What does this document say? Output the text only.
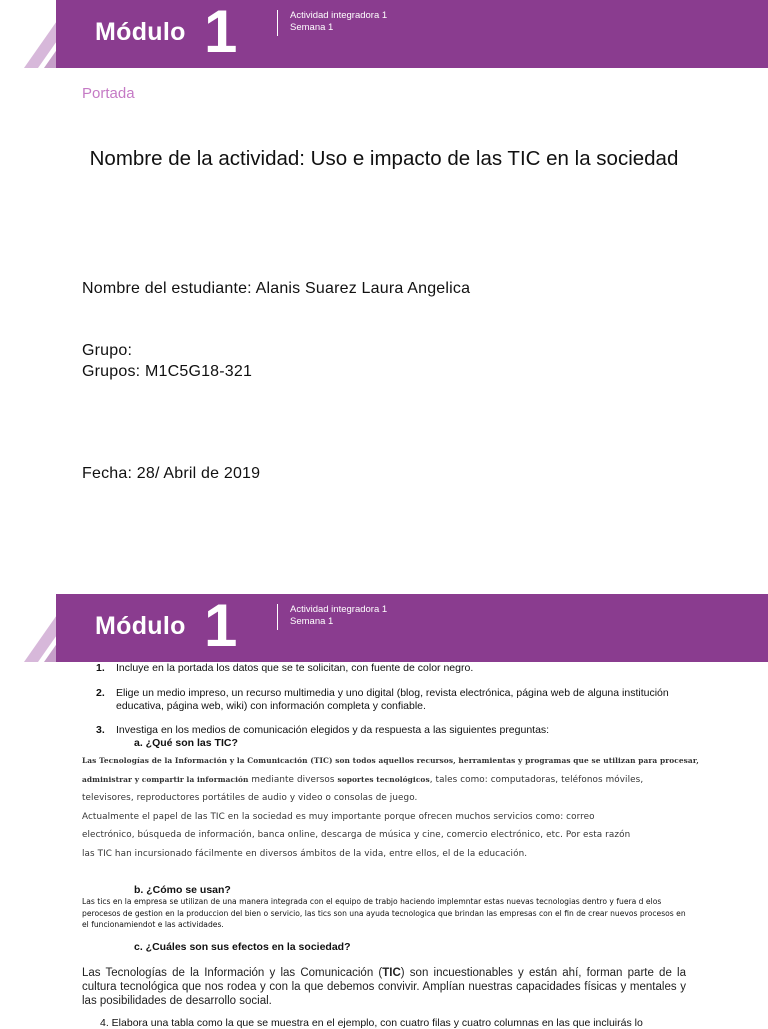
Módulo 1	Actividad integradora 1
Semana 1
Portada
Nombre de la actividad: Uso e impacto de las TIC en la sociedad
Nombre del estudiante: Alanis Suarez Laura Angelica
Grupo:
Grupos: M1C5G18-321
Fecha: 28/ Abril de 2019
Módulo 1	Actividad integradora 1
Semana 1
1. Incluye en la portada los datos que se te solicitan, con fuente de color negro.
2. Elige un medio impreso, un recurso multimedia y uno digital (blog, revista electrónica, página web de alguna institución educativa, página web, wiki) con información completa y confiable.
3. Investiga en los medios de comunicación elegidos y da respuesta a las siguientes preguntas:
a. ¿Qué son las TIC?
Las Tecnologías de la Información y la Comunicación (TIC) son todos aquellos recursos, herramientas y programas que se utilizan para procesar,
administrar y compartir la información mediante diversos soportes tecnológicos, tales como: computadoras, teléfonos móviles,
televisores, reproductores portátiles de audio y video o consolas de juego.
Actualmente el papel de las TIC en la sociedad es muy importante porque ofrecen muchos servicios como: correo
electrónico, búsqueda de información, banca online, descarga de música y cine, comercio electrónico, etc. Por esta razón
las TIC han incursionado fácilmente en diversos ámbitos de la vida, entre ellos, el de la educación.
b. ¿Cómo se usan?
Las tics en la empresa se utilizan de una manera integrada con el equipo de trabjo haciendo implemntar estas nuevas tecnologias dentro y fuera d elos perocesos de gestion en la produccion del bien o servicio, las tics son una ayuda tecnologica que brindan las empresas con el fin de crear nuevos procesos en el funcionamiendot e las actividades.
c. ¿Cuáles son sus efectos en la sociedad?
Las Tecnologías de la Información y las Comunicación (TIC) son incuestionables y están ahí, forman parte de la cultura tecnológica que nos rodea y con la que debemos convivir. Amplían nuestras capacidades físicas y mentales y las posibilidades de desarrollo social.
4. Elabora una tabla como la que se muestra en el ejemplo, con cuatro filas y cuatro columnas en las que incluirás lo
